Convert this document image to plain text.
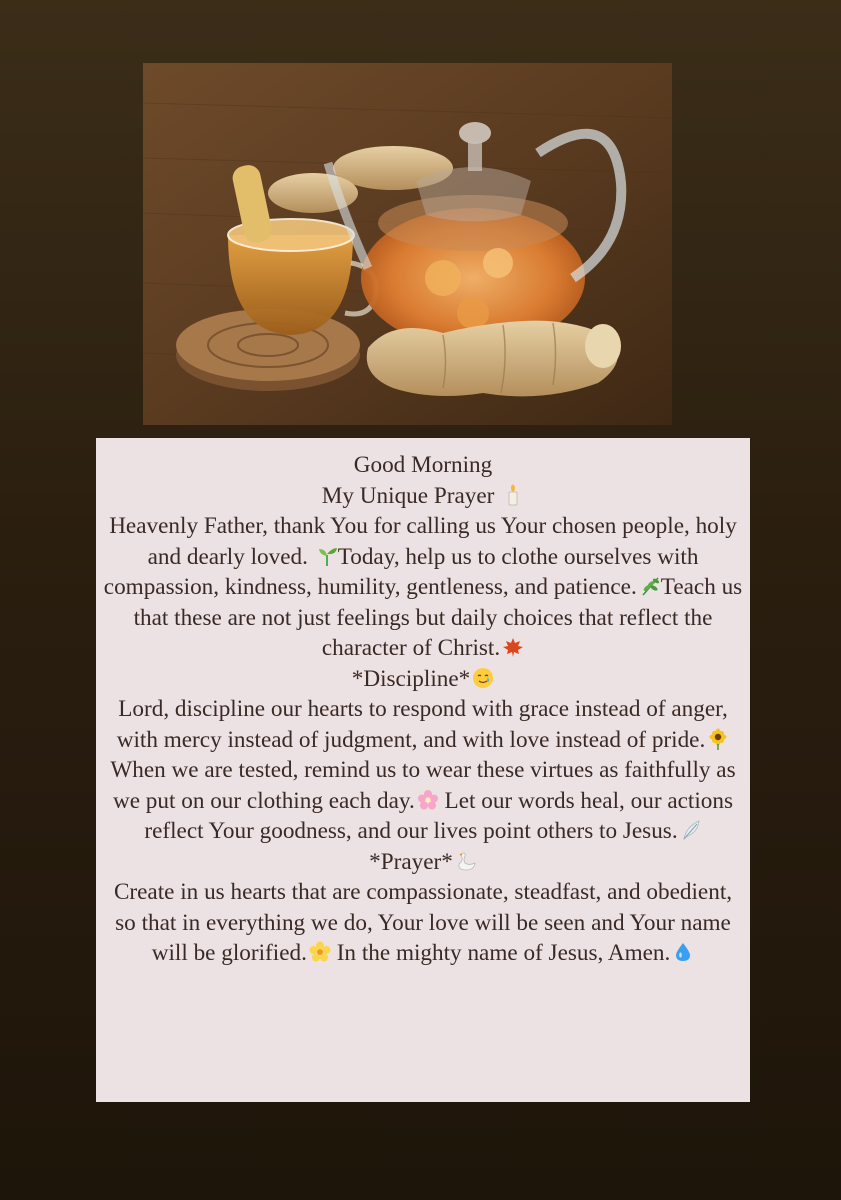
Good Morning

My Unique Prayer

Heavenly Father, thank You for calling us Your chosen people, holy and dearly loved. Today, help us to clothe ourselves with compassion, kindness, humility, gentleness, and patience. Teach us that these are not just feelings but daily choices that reflect the character of Christ.

*Discipline*

Lord, discipline our hearts to respond with grace instead of anger, with mercy instead of judgment, and with love instead of pride. When we are tested, remind us to wear these virtues as faithfully as we put on our clothing each day. Let our words heal, our actions reflect Your goodness, and our lives point others to Jesus.

*Prayer*

Create in us hearts that are compassionate, steadfast, and obedient, so that in everything we do, Your love will be seen and Your name will be glorified. In the mighty name of Jesus, Amen.
